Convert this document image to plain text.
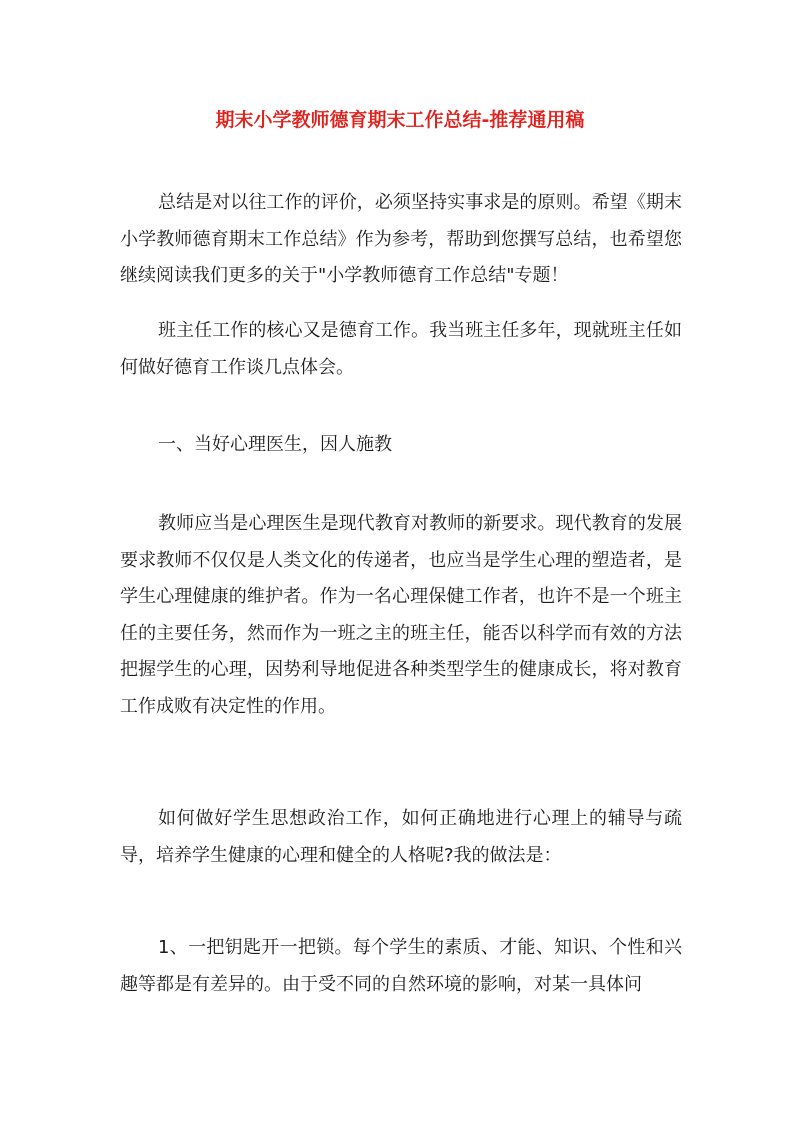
期末小学教师德育期末工作总结-推荐通用稿

总结是对以往工作的评价，必须坚持实事求是的原则。希望《期末小学教师德育期末工作总结》作为参考，帮助到您撰写总结，也希望您继续阅读我们更多的关于"小学教师德育工作总结"专题！

班主任工作的核心又是德育工作。我当班主任多年，现就班主任如何做好德育工作谈几点体会。

一、当好心理医生，因人施教

教师应当是心理医生是现代教育对教师的新要求。现代教育的发展要求教师不仅仅是人类文化的传递者，也应当是学生心理的塑造者，是学生心理健康的维护者。作为一名心理保健工作者，也许不是一个班主任的主要任务，然而作为一班之主的班主任，能否以科学而有效的方法把握学生的心理，因势利导地促进各种类型学生的健康成长，将对教育工作成败有决定性的作用。

如何做好学生思想政治工作，如何正确地进行心理上的辅导与疏导，培养学生健康的心理和健全的人格呢?我的做法是：

1、一把钥匙开一把锁。每个学生的素质、才能、知识、个性和兴趣等都是有差异的。由于受不同的自然环境的影响，对某一具体问
